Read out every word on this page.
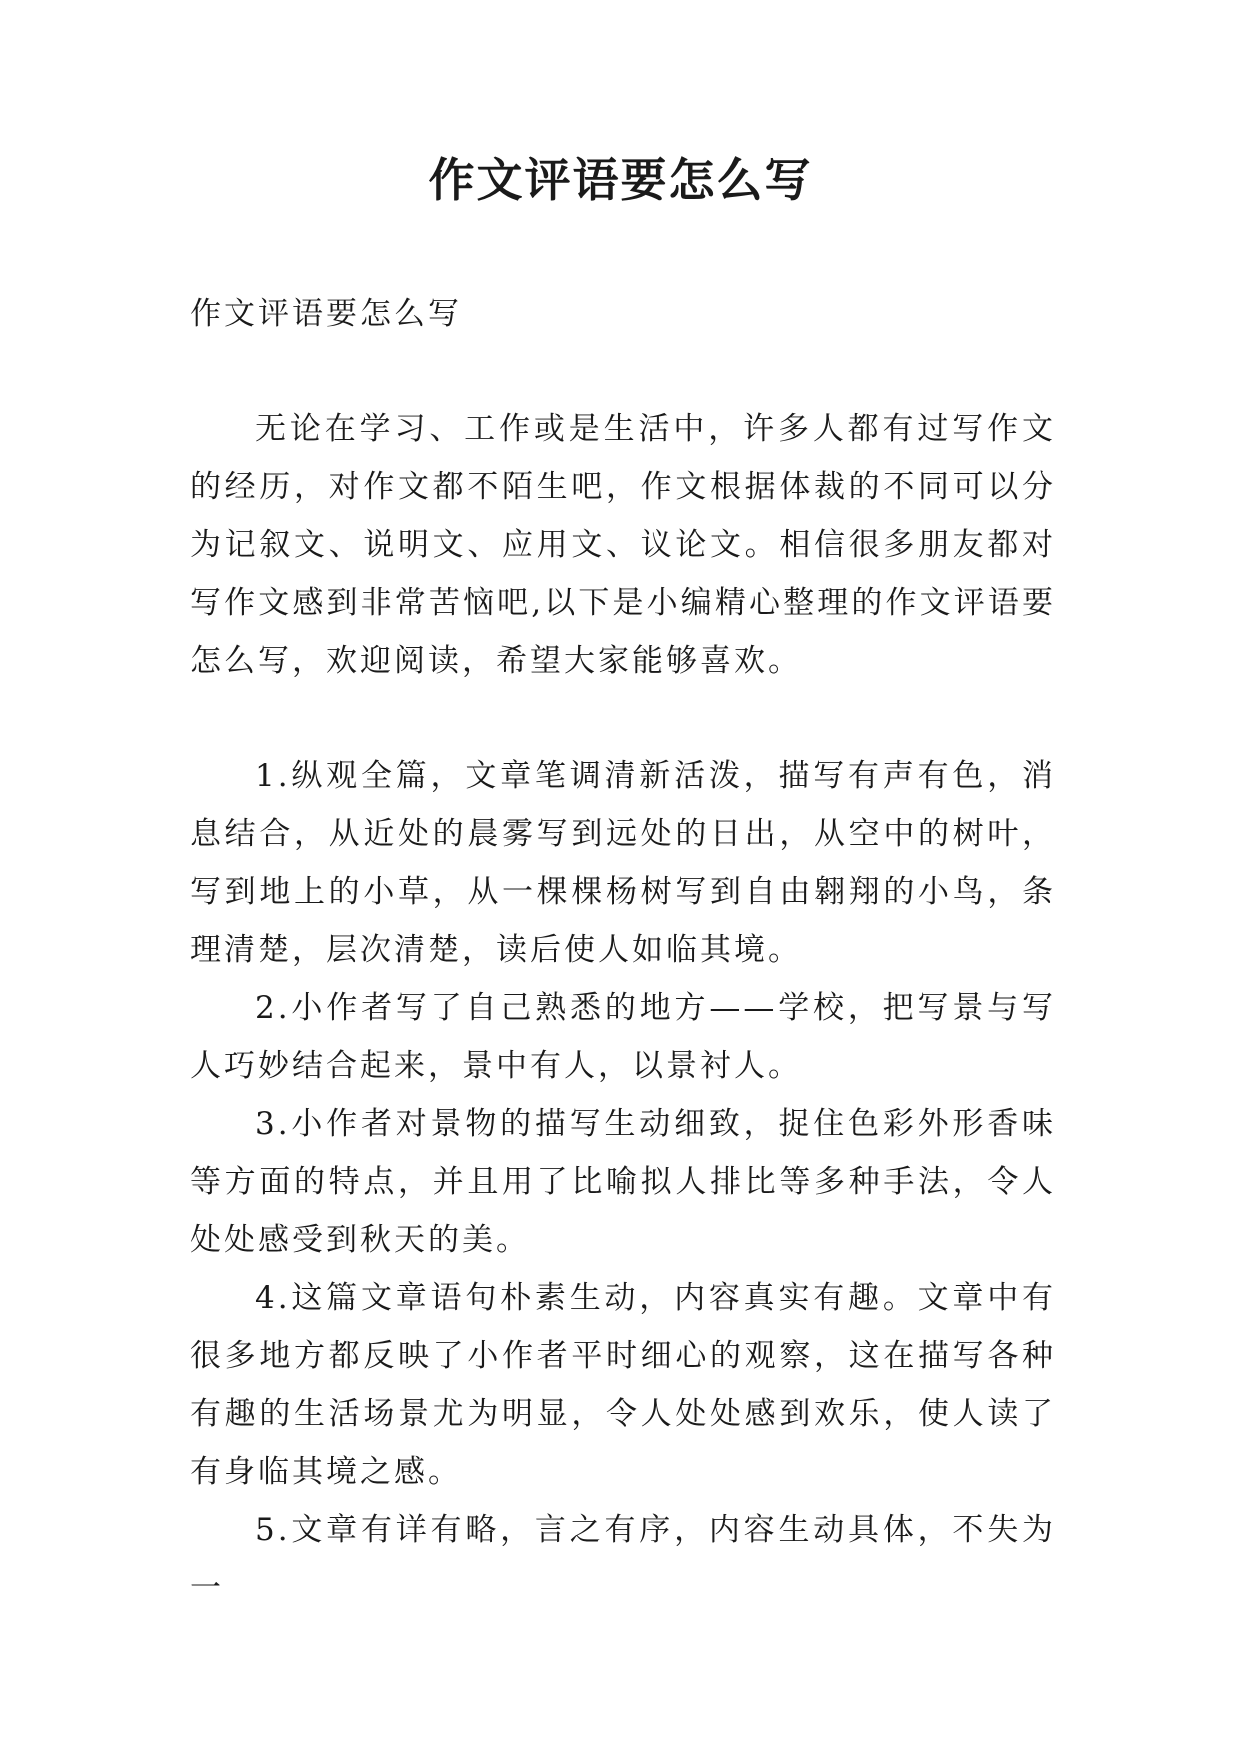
作文评语要怎么写

作文评语要怎么写

无论在学习、工作或是生活中，许多人都有过写作文的经历，对作文都不陌生吧，作文根据体裁的不同可以分为记叙文、说明文、应用文、议论文。相信很多朋友都对写作文感到非常苦恼吧,以下是小编精心整理的作文评语要怎么写，欢迎阅读，希望大家能够喜欢。

1.纵观全篇，文章笔调清新活泼，描写有声有色，消息结合，从近处的晨雾写到远处的日出，从空中的树叶，写到地上的小草，从一棵棵杨树写到自由翱翔的小鸟，条理清楚，层次清楚，读后使人如临其境。

2.小作者写了自己熟悉的地方——学校，把写景与写人巧妙结合起来，景中有人，以景衬人。

3.小作者对景物的描写生动细致，捉住色彩外形香味等方面的特点，并且用了比喻拟人排比等多种手法，令人处处感受到秋天的美。

4.这篇文章语句朴素生动，内容真实有趣。文章中有很多地方都反映了小作者平时细心的观察，这在描写各种有趣的生活场景尤为明显，令人处处感到欢乐，使人读了有身临其境之感。

5.文章有详有略，言之有序，内容生动具体，不失为一
